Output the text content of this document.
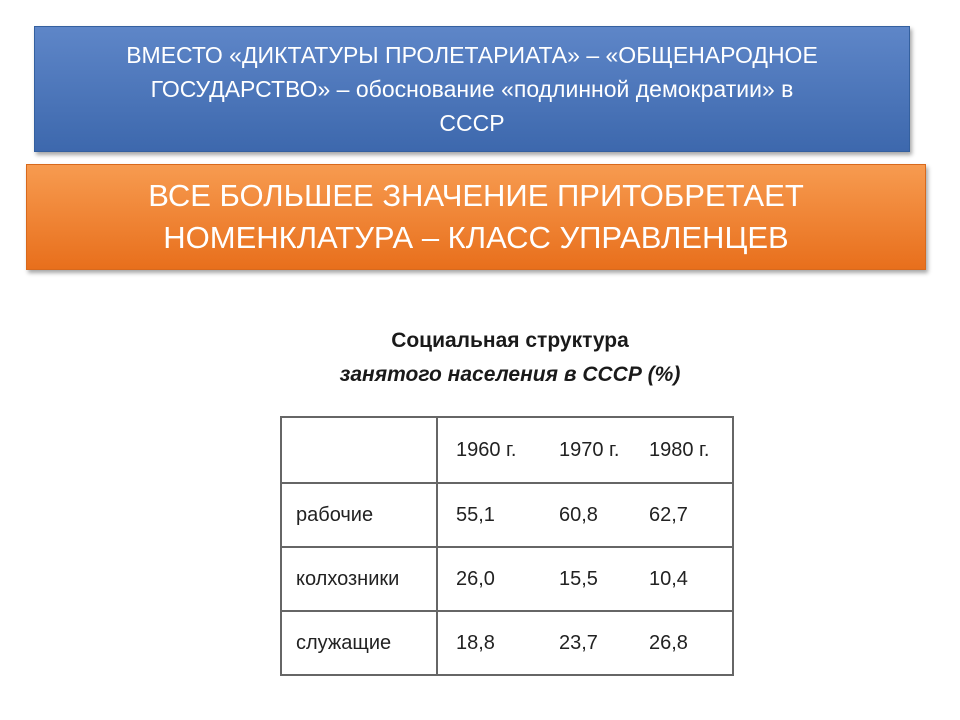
ВМЕСТО «ДИКТАТУРЫ ПРОЛЕТАРИАТА» – «ОБЩЕНАРОДНОЕ
ГОСУДАРСТВО» – обоснование «подлинной демократии» в
СССР
ВСЕ БОЛЬШЕЕ ЗНАЧЕНИЕ ПРИТОБРЕТАЕТ
НОМЕНКЛАТУРА – КЛАСС УПРАВЛЕНЦЕВ
Социальная структура
занятого населения в СССР (%)
	1960 г.	1970 г.	1980 г.
рабочие	55,1	60,8	62,7
колхозники	26,0	15,5	10,4
служащие	18,8	23,7	26,8
